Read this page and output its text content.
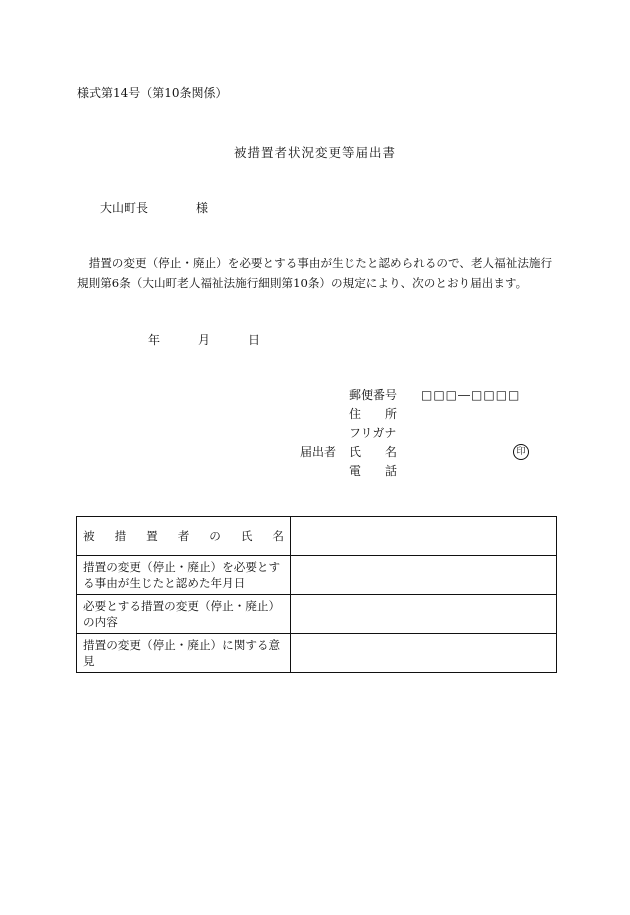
様式第14号（第10条関係）
被措置者状況変更等届出書
大山町長	様

　措置の変更（停止・廃止）を必要とする事由が生じたと認められるので、老人福祉法施行

規則第6条（大山町老人福祉法施行細則第10条）の規定により、次のとおり届出ます。

年	月	日
郵便番号 □□□―□□□□
住　所
フリガナ
届出者 氏　名	印
電　話
被措置者の氏名	

措置の変更（停止・廃止）を必要とする事由が生じたと認めた年月日	
必要とする措置の変更（停止・廃止）の内容	
措置の変更（停止・廃止）に関する意見	
